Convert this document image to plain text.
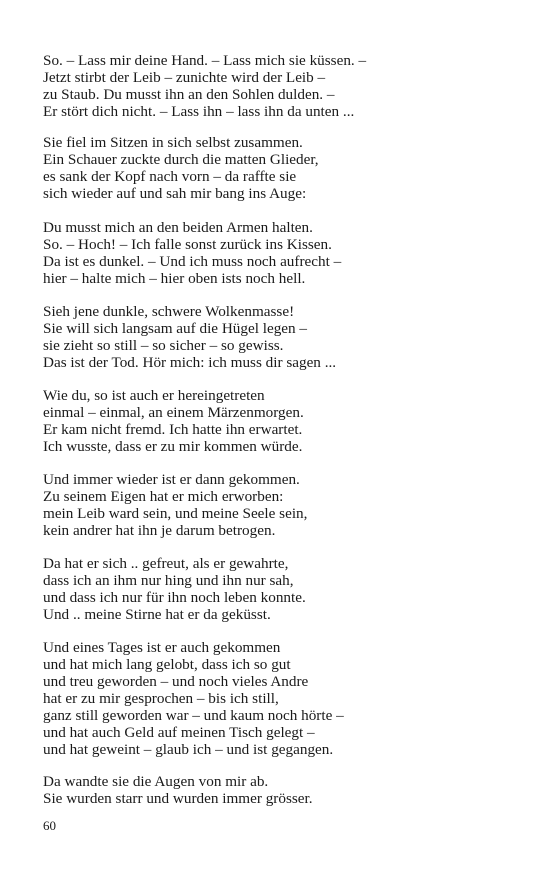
So. – Lass mir deine Hand. – Lass mich sie küssen. –
Jetzt stirbt der Leib – zunichte wird der Leib –
zu Staub. Du musst ihn an den Sohlen dulden. –
Er stört dich nicht. – Lass ihn – lass ihn da unten ...
Sie fiel im Sitzen in sich selbst zusammen.
Ein Schauer zuckte durch die matten Glieder,
es sank der Kopf nach vorn – da raffte sie
sich wieder auf und sah mir bang ins Auge:
Du musst mich an den beiden Armen halten.
So. – Hoch! – Ich falle sonst zurück ins Kissen.
Da ist es dunkel. – Und ich muss noch aufrecht –
hier – halte mich – hier oben ists noch hell.
Sieh jene dunkle, schwere Wolkenmasse!
Sie will sich langsam auf die Hügel legen –
sie zieht so still – so sicher – so gewiss.
Das ist der Tod. Hör mich: ich muss dir sagen ...
Wie du, so ist auch er hereingetreten
einmal – einmal, an einem Märzenmorgen.
Er kam nicht fremd. Ich hatte ihn erwartet.
Ich wusste, dass er zu mir kommen würde.
Und immer wieder ist er dann gekommen.
Zu seinem Eigen hat er mich erworben:
mein Leib ward sein, und meine Seele sein,
kein andrer hat ihn je darum betrogen.
Da hat er sich .. gefreut, als er gewahrte,
dass ich an ihm nur hing und ihn nur sah,
und dass ich nur für ihn noch leben konnte.
Und .. meine Stirne hat er da geküsst.
Und eines Tages ist er auch gekommen
und hat mich lang gelobt, dass ich so gut
und treu geworden – und noch vieles Andre
hat er zu mir gesprochen – bis ich still,
ganz still geworden war – und kaum noch hörte –
und hat auch Geld auf meinen Tisch gelegt –
und hat geweint – glaub ich – und ist gegangen.
Da wandte sie die Augen von mir ab.
Sie wurden starr und wurden immer grösser.
60
